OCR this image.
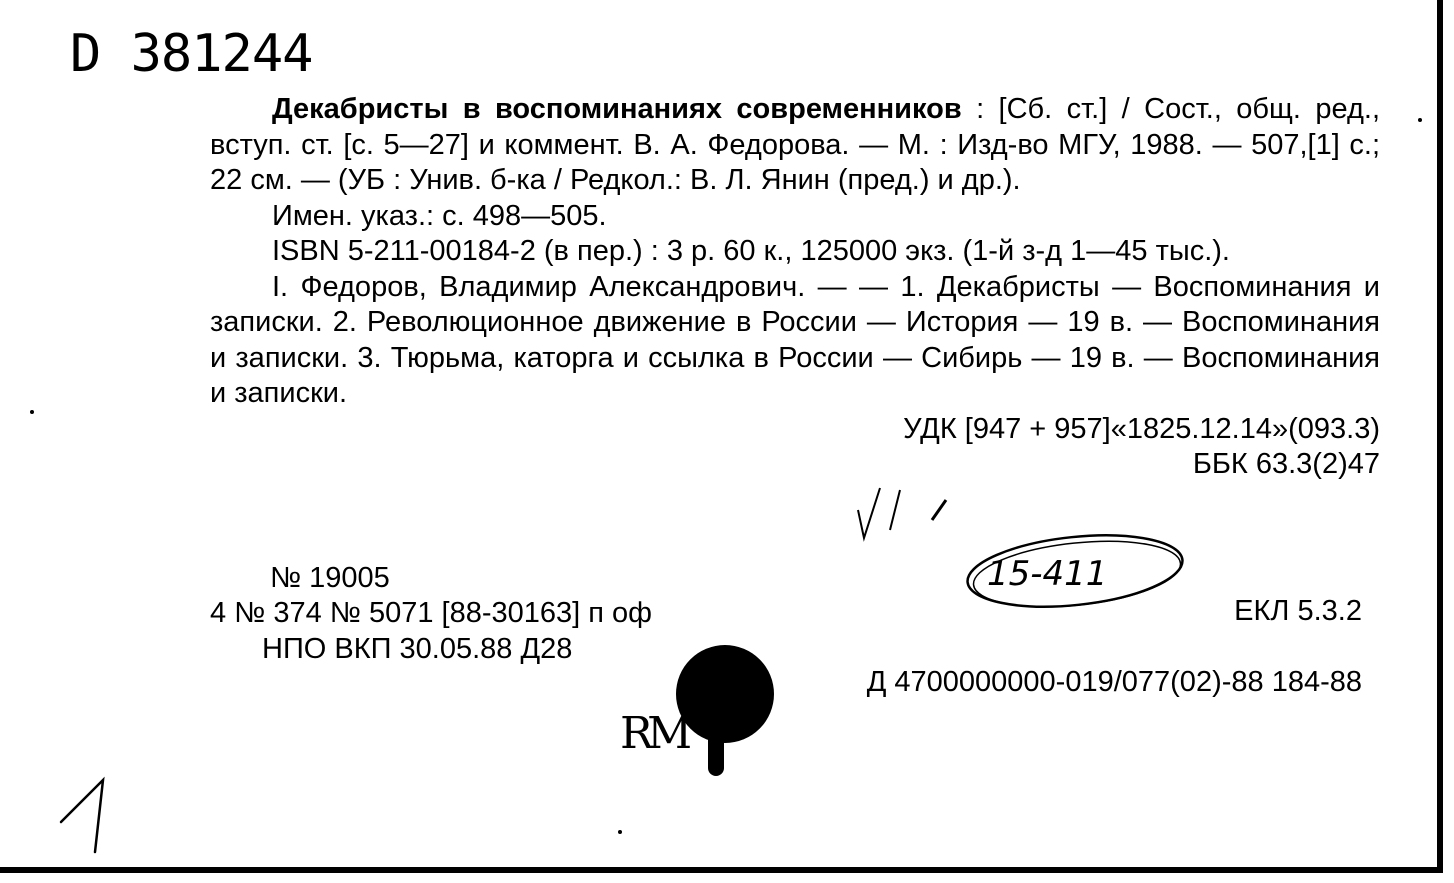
D 381244

Декабристы в воспоминаниях современников : [Сб. ст.] / Сост., общ. ред., вступ. ст. [с. 5—27] и коммент. В. А. Федорова. — М. : Изд-во МГУ, 1988. — 507,[1] с.; 22 см. — (УБ : Унив. б-ка / Редкол.: В. Л. Янин (пред.) и др.).

Имен. указ.: с. 498—505.

ISBN 5-211-00184-2 (в пер.) : 3 р. 60 к., 125000 экз. (1-й з-д 1—45 тыс.).

I. Федоров, Владимир Александрович. — — 1. Декабристы — Воспоминания и записки. 2. Революционное движение в России — История — 19 в. — Воспоминания и записки. 3. Тюрьма, каторга и ссылка в России — Сибирь — 19 в. — Воспоминания и записки.

УДК [947 + 957]«1825.12.14»(093.3)

ББК 63.3(2)47

№ 19005
4 № 374 № 5071 [88-30163] п оф
НПО ВКП 30.05.88 Д28
ЕКЛ 5.3.2
Д 4700000000-019/077(02)-88 184-88
15-411
RM
1
